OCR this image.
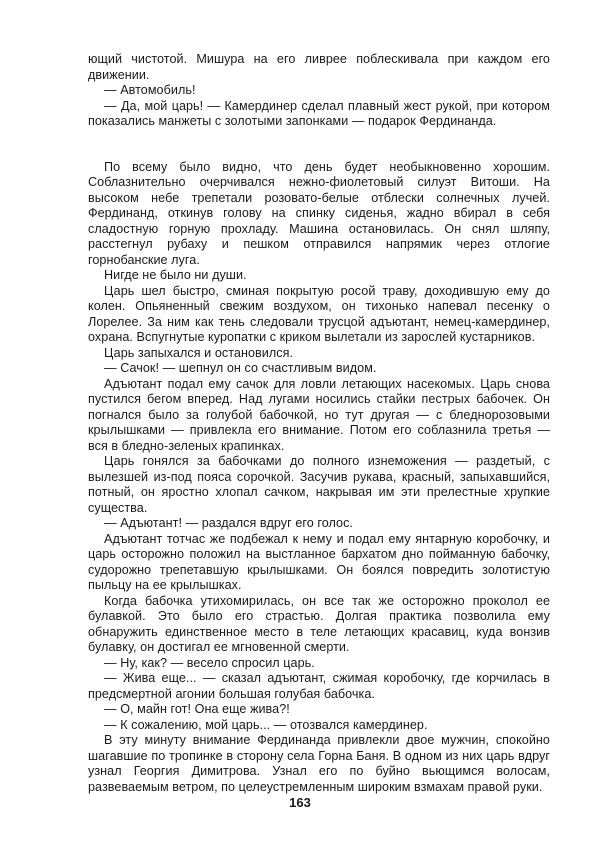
ющий чистотой. Мишура на его ливрее поблескивала при каждом его движении.

— Автомобиль!

— Да, мой царь! — Камердинер сделал плавный жест рукой, при котором показались манжеты с золотыми запонками — подарок Фердинанда.

По всему было видно, что день будет необыкновенно хорошим. Соблазнительно очерчивался нежно-фиолетовый силуэт Витоши. На высоком небе трепетали розовато-белые отблески солнечных лучей. Фердинанд, откинув голову на спинку сиденья, жадно вбирал в себя сладостную горную прохладу. Машина остановилась. Он снял шляпу, расстегнул рубаху и пешком отправился напрямик через отлогие горнобанские луга.

Нигде не было ни души.

Царь шел быстро, сминая покрытую росой траву, доходившую ему до колен. Опьяненный свежим воздухом, он тихонько напевал песенку о Лорелее. За ним как тень следовали трусцой адъютант, немец-камердинер, охрана. Вспугнутые куропатки с криком вылетали из зарослей кустарников.

Царь запыхался и остановился.

— Сачок! — шепнул он со счастливым видом.

Адъютант подал ему сачок для ловли летающих насекомых. Царь снова пустился бегом вперед. Над лугами носились стайки пестрых бабочек. Он погнался было за голубой бабочкой, но тут другая — с бледнорозовыми крылышками — привлекла его внимание. Потом его соблазнила третья — вся в бледно-зеленых крапинках.

Царь гонялся за бабочками до полного изнеможения — раздетый, с вылезшей из-под пояса сорочкой. Засучив рукава, красный, запыхавшийся, потный, он яростно хлопал сачком, накрывая им эти прелестные хрупкие существа.

— Адъютант! — раздался вдруг его голос.

Адъютант тотчас же подбежал к нему и подал ему янтарную коробочку, и царь осторожно положил на выстланное бархатом дно пойманную бабочку, судорожно трепетавшую крылышками. Он боялся повредить золотистую пыльцу на ее крылышках.

Когда бабочка утихомирилась, он все так же осторожно проколол ее булавкой. Это было его страстью. Долгая практика позволила ему обнаружить единственное место в теле летающих красавиц, куда вонзив булавку, он достигал ее мгновенной смерти.

— Ну, как? — весело спросил царь.

— Жива еще... — сказал адъютант, сжимая коробочку, где корчилась в предсмертной агонии большая голубая бабочка.

— О, майн гот! Она еще жива?!

— К сожалению, мой царь... — отозвался камердинер.

В эту минуту внимание Фердинанда привлекли двое мужчин, спокойно шагавшие по тропинке в сторону села Горна Баня. В одном из них царь вдруг узнал Георгия Димитрова. Узнал его по буйно вьющимся волосам, развеваемым ветром, по целеустремленным широким взмахам правой руки.

163
